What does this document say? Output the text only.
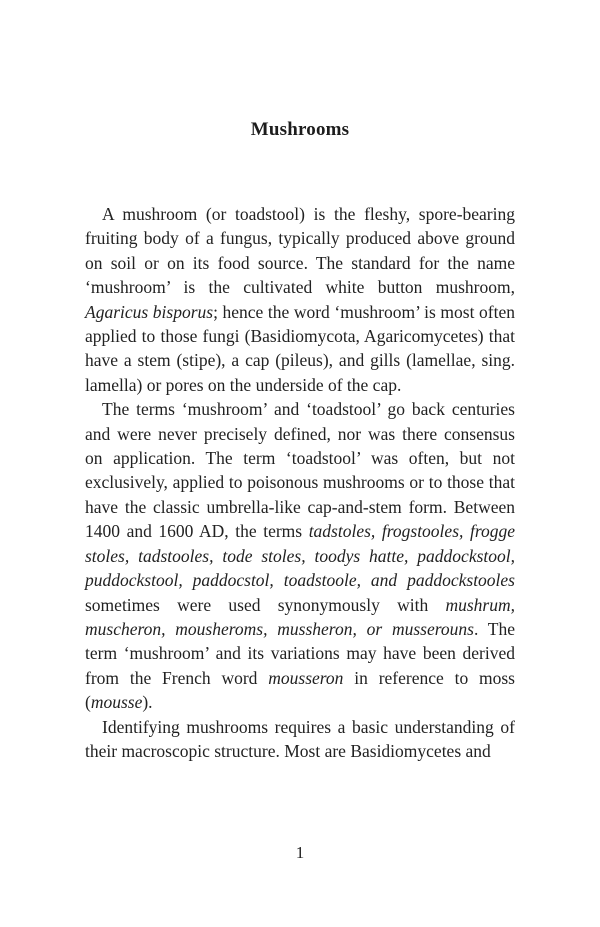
Mushrooms

A mushroom (or toadstool) is the fleshy, spore-bearing fruiting body of a fungus, typically produced above ground on soil or on its food source. The standard for the name ‘mushroom’ is the cultivated white button mushroom, Agaricus bisporus; hence the word ‘mushroom’ is most often applied to those fungi (Basidiomycota, Agaricomycetes) that have a stem (stipe), a cap (pileus), and gills (lamellae, sing. lamella) or pores on the underside of the cap.

The terms ‘mushroom’ and ‘toadstool’ go back centuries and were never precisely defined, nor was there consensus on application. The term ‘toadstool’ was often, but not exclusively, applied to poisonous mushrooms or to those that have the classic umbrella-like cap-and-stem form. Between 1400 and 1600 AD, the terms tadstoles, frogstooles, frogge stoles, tadstooles, tode stoles, toodys hatte, paddockstool, puddockstool, paddocstol, toadstoole, and paddockstooles sometimes were used synonymously with mushrum, muscheron, mousheroms, mussheron, or musserouns. The term ‘mushroom’ and its variations may have been derived from the French word mousseron in reference to moss (mousse).

Identifying mushrooms requires a basic understanding of their macroscopic structure. Most are Basidiomycetes and

1
